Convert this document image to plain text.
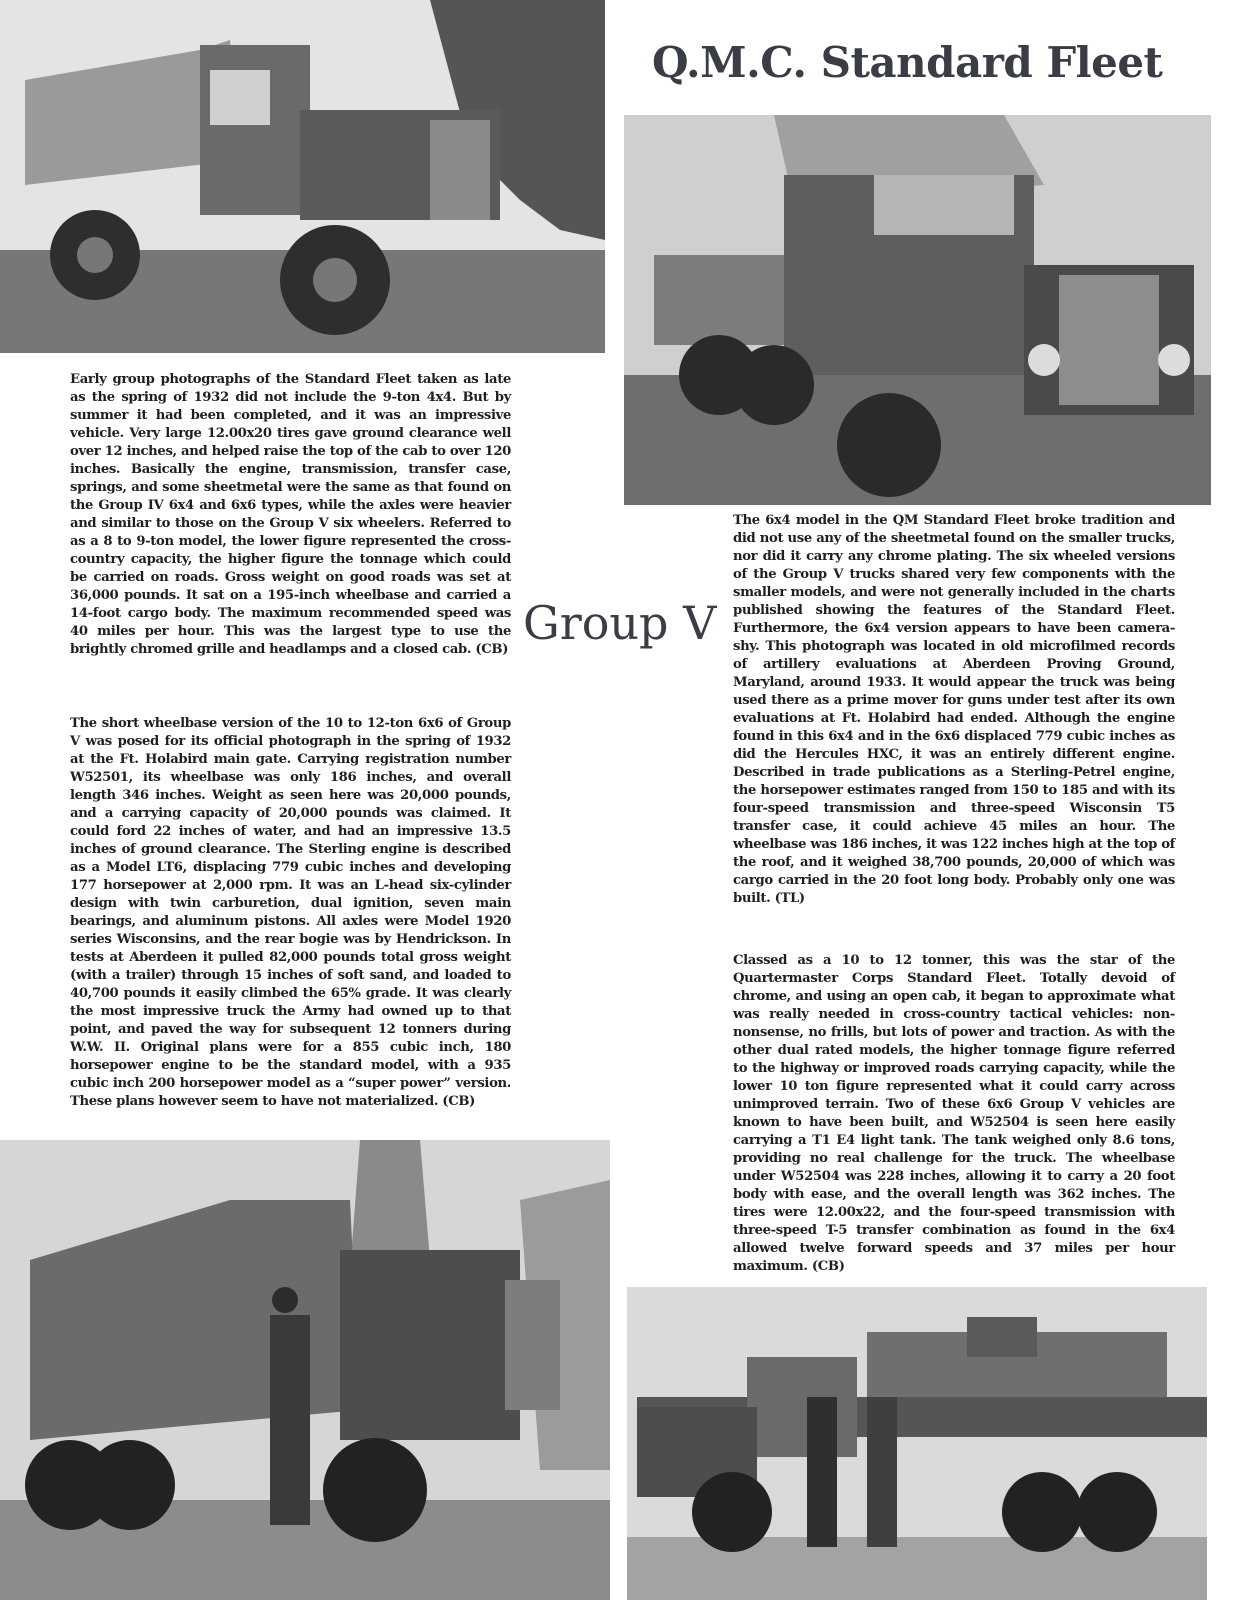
Q.M.C. Standard Fleet

Early group photographs of the Standard Fleet taken as late as the spring of 1932 did not include the 9-ton 4x4. But by summer it had been completed, and it was an impressive vehicle. Very large 12.00x20 tires gave ground clearance well over 12 inches, and helped raise the top of the cab to over 120 inches. Basically the engine, transmission, transfer case, springs, and some sheetmetal were the same as that found on the Group IV 6x4 and 6x6 types, while the axles were heavier and similar to those on the Group V six wheelers. Referred to as a 8 to 9-ton model, the lower figure represented the cross-country capacity, the higher figure the tonnage which could be carried on roads. Gross weight on good roads was set at 36,000 pounds. It sat on a 195-inch wheelbase and carried a 14-foot cargo body. The maximum recommended speed was 40 miles per hour. This was the largest type to use the brightly chromed grille and headlamps and a closed cab. (CB) Group V

The 6x4 model in the QM Standard Fleet broke tradition and did not use any of the sheetmetal found on the smaller trucks, nor did it carry any chrome plating. The six wheeled versions of the Group V trucks shared very few components with the smaller models, and were not generally included in the charts published showing the features of the Standard Fleet. Furthermore, the 6x4 version appears to have been camera-shy. This photograph was located in old microfilmed records of artillery evaluations at Aberdeen Proving Ground, Maryland, around 1933. It would appear the truck was being used there as a prime mover for guns under test after its own evaluations at Ft. Holabird had ended. Although the engine found in this 6x4 and in the 6x6 displaced 779 cubic inches as did the Hercules HXC, it was an entirely different engine. Described in trade publications as a Sterling-Petrel engine, the horsepower estimates ranged from 150 to 185 and with its four-speed transmission and three-speed Wisconsin T5 transfer case, it could achieve 45 miles an hour. The wheelbase was 186 inches, it was 122 inches high at the top of the roof, and it weighed 38,700 pounds, 20,000 of which was cargo carried in the 20 foot long body. Probably only one was built. (TL)

The short wheelbase version of the 10 to 12-ton 6x6 of Group V was posed for its official photograph in the spring of 1932 at the Ft. Holabird main gate. Carrying registration number W52501, its wheelbase was only 186 inches, and overall length 346 inches. Weight as seen here was 20,000 pounds, and a carrying capacity of 20,000 pounds was claimed. It could ford 22 inches of water, and had an impressive 13.5 inches of ground clearance. The Sterling engine is described as a Model LT6, displacing 779 cubic inches and developing 177 horsepower at 2,000 rpm. It was an L-head six-cylinder design with twin carburetion, dual ignition, seven main bearings, and aluminum pistons. All axles were Model 1920 series Wisconsins, and the rear bogie was by Hendrickson. In tests at Aberdeen it pulled 82,000 pounds total gross weight (with a trailer) through 15 inches of soft sand, and loaded to 40,700 pounds it easily climbed the 65% grade. It was clearly the most impressive truck the Army had owned up to that point, and paved the way for subsequent 12 tonners during W.W. II. Original plans were for a 855 cubic inch, 180 horsepower engine to be the standard model, with a 935 cubic inch 200 horsepower model as a “super power” version. These plans however seem to have not materialized. (CB)

Classed as a 10 to 12 tonner, this was the star of the Quartermaster Corps Standard Fleet. Totally devoid of chrome, and using an open cab, it began to approximate what was really needed in cross-country tactical vehicles: non-nonsense, no frills, but lots of power and traction. As with the other dual rated models, the higher tonnage figure referred to the highway or improved roads carrying capacity, while the lower 10 ton figure represented what it could carry across unimproved terrain. Two of these 6x6 Group V vehicles are known to have been built, and W52504 is seen here easily carrying a T1 E4 light tank. The tank weighed only 8.6 tons, providing no real challenge for the truck. The wheelbase under W52504 was 228 inches, allowing it to carry a 20 foot body with ease, and the overall length was 362 inches. The tires were 12.00x22, and the four-speed transmission with three-speed T-5 transfer combination as found in the 6x4 allowed twelve forward speeds and 37 miles per hour maximum. (CB)
